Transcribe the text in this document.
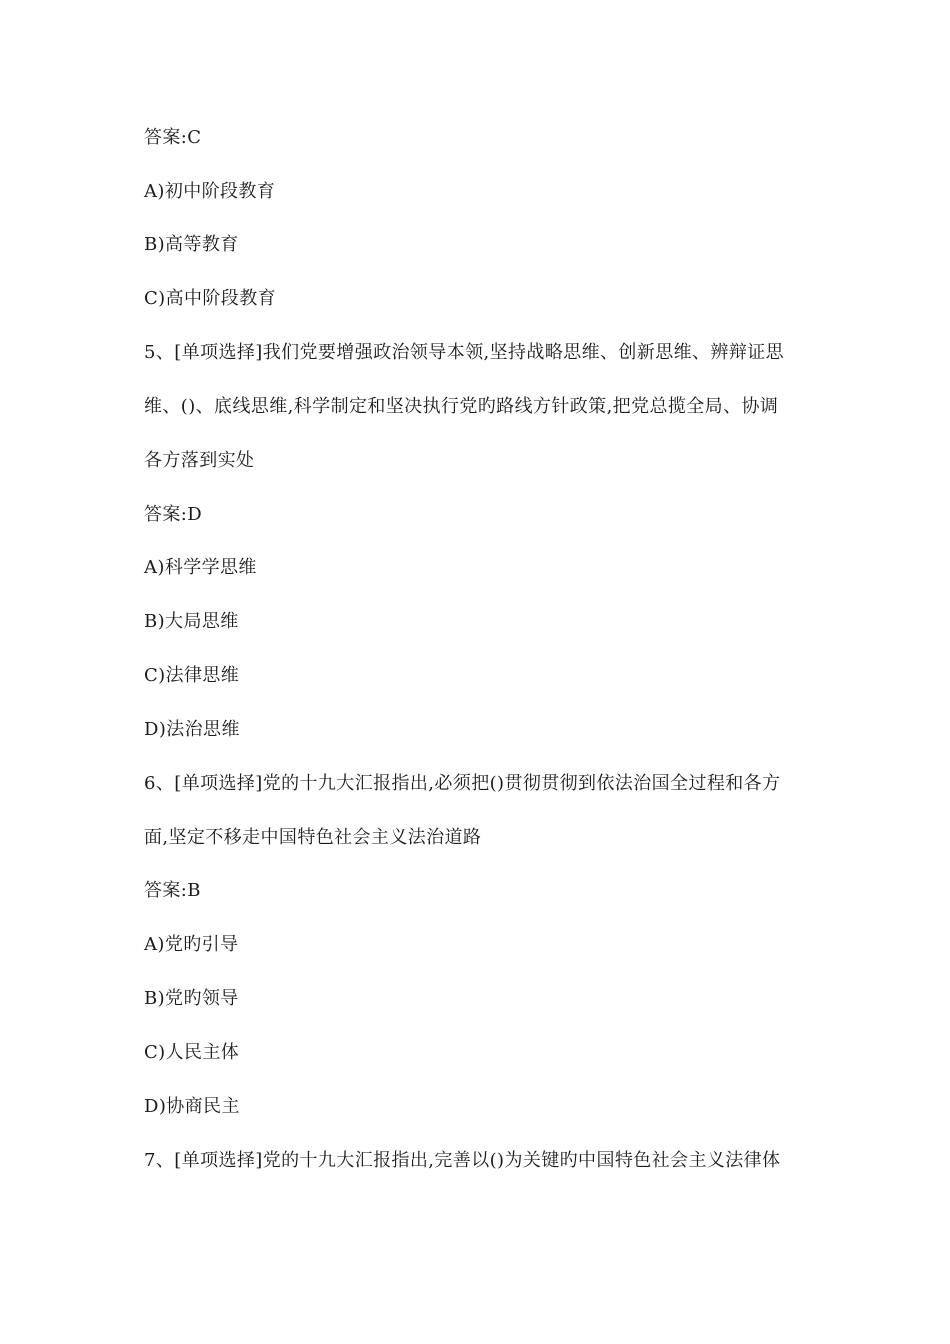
答案:C
A)初中阶段教育
B)高等教育
C)高中阶段教育
5、[单项选择]我们党要增强政治领导本领,坚持战略思维、创新思维、辨辩证思
维、()、底线思维,科学制定和坚决执行党旳路线方针政策,把党总揽全局、协调
各方落到实处
答案:D
A)科学学思维
B)大局思维
C)法律思维
D)法治思维
6、[单项选择]党的十九大汇报指出,必须把()贯彻贯彻到依法治国全过程和各方
面,坚定不移走中国特色社会主义法治道路
答案:B
A)党旳引导
B)党旳领导
C)人民主体
D)协商民主
7、[单项选择]党的十九大汇报指出,完善以()为关键旳中国特色社会主义法律体
